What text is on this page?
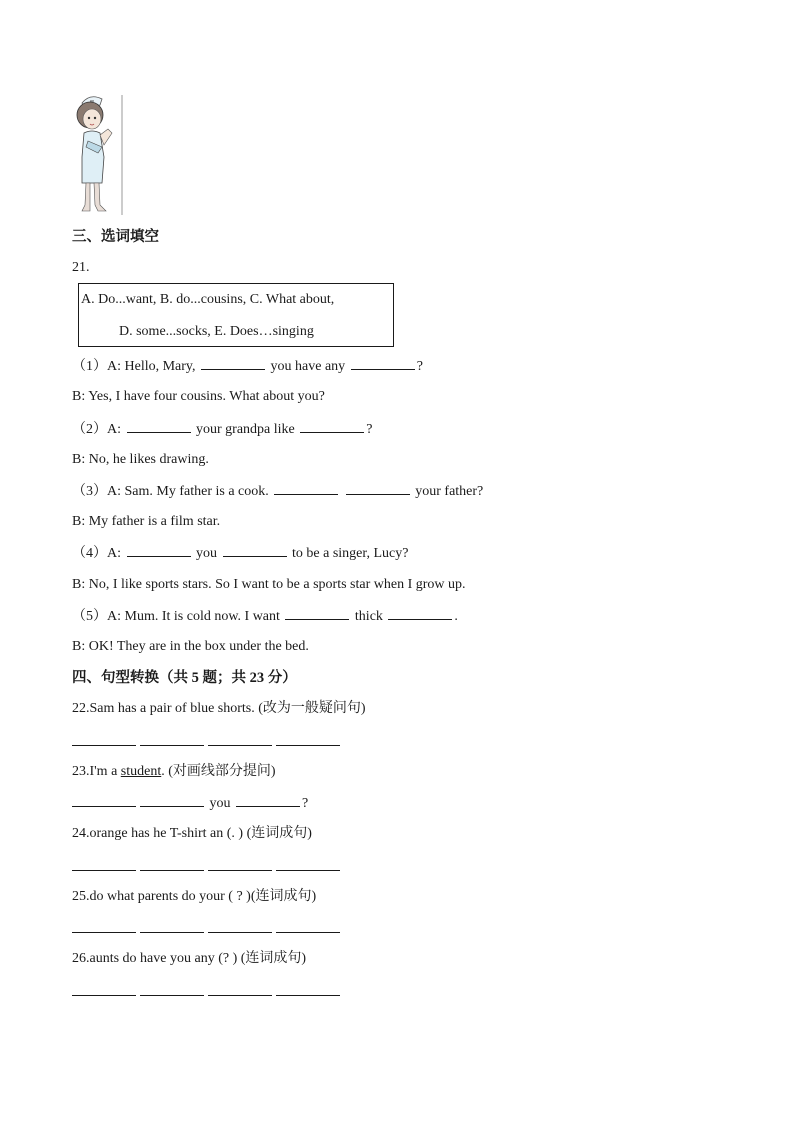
三、选词填空
21.
A. Do...want, B. do...cousins, C. What about,
D. some...socks, E. Does…singing
（1）A: Hello, Mary,	you have any	?
B: Yes, I have four cousins. What about you?
（2）A:	your grandpa like	?
B: No, he likes drawing.
（3）A: Sam. My father is a cook.	your father?
B: My father is a film star.
（4）A:	you	to be a singer, Lucy?
B: No, I like sports stars. So I want to be a sports star when I grow up.
（5）A: Mum. It is cold now. I want	thick	.
B: OK! They are in the box under the bed.
四、句型转换（共 5 题；共 23 分）
22.Sam has a pair of blue shorts. (改为一般疑问句)
23.I'm a student. (对画线部分提问)
you	?
24.orange has he T-shirt an (. ) (连词成句)
25.do what parents do your ( ? )(连词成句)
26.aunts do have you any (? ) (连词成句)
